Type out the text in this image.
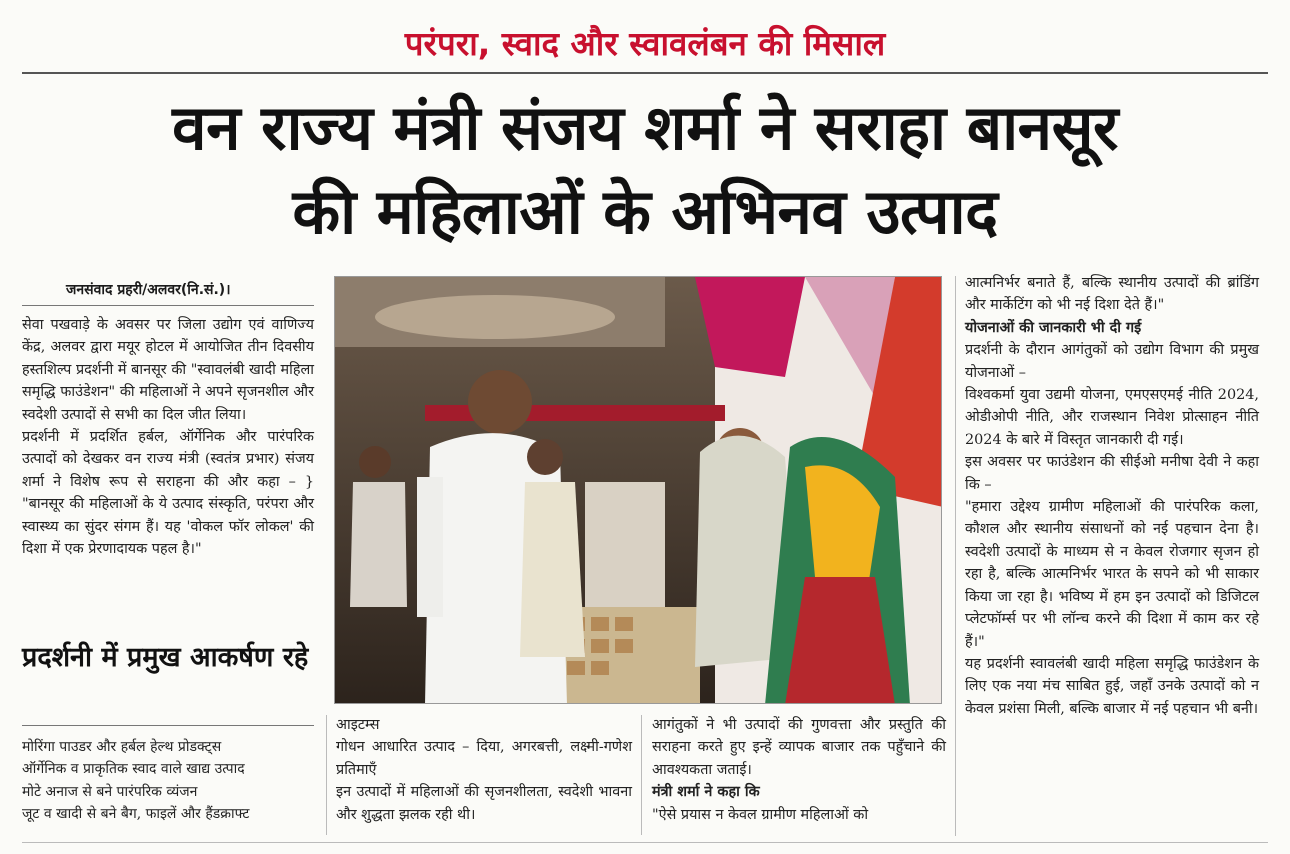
परंपरा, स्वाद और स्वावलंबन की मिसाल
वन राज्य मंत्री संजय शर्मा ने सराहा बानसूर
की महिलाओं के अभिनव उत्पाद
जनसंवाद प्रहरी/अलवर(नि.सं.)।

सेवा पखवाड़े के अवसर पर जिला उद्योग एवं वाणिज्य केंद्र, अलवर द्वारा मयूर होटल में आयोजित तीन दिवसीय हस्तशिल्प प्रदर्शनी में बानसूर की "स्वावलंबी खादी महिला समृद्धि फाउंडेशन" की महिलाओं ने अपने सृजनशील और स्वदेशी उत्पादों से सभी का दिल जीत लिया।

प्रदर्शनी में प्रदर्शित हर्बल, ऑर्गेनिक और पारंपरिक उत्पादों को देखकर वन राज्य मंत्री (स्वतंत्र प्रभार) संजय शर्मा ने विशेष रूप से सराहना की और कहा – } "बानसूर की महिलाओं के ये उत्पाद संस्कृति, परंपरा और स्वास्थ्य का सुंदर संगम हैं। यह 'वोकल फॉर लोकल' की दिशा में एक प्रेरणादायक पहल है।"

प्रदर्शनी में प्रमुख आकर्षण रहे
मोरिंगा पाउडर और हर्बल हेल्थ प्रोडक्ट्स
ऑर्गेनिक व प्राकृतिक स्वाद वाले खाद्य उत्पाद
मोटे अनाज से बने पारंपरिक व्यंजन
जूट व खादी से बने बैग, फाइलें और हैंडक्राफ्ट

आइटम्स

गोधन आधारित उत्पाद – दिया, अगरबत्ती, लक्ष्मी-गणेश प्रतिमाएँ

इन उत्पादों में महिलाओं की सृजनशीलता, स्वदेशी भावना और शुद्धता झलक रही थी।

आगंतुकों ने भी उत्पादों की गुणवत्ता और प्रस्तुति की सराहना करते हुए इन्हें व्यापक बाजार तक पहुँचाने की आवश्यकता जताई।

मंत्री शर्मा ने कहा कि

"ऐसे प्रयास न केवल ग्रामीण महिलाओं को

आत्मनिर्भर बनाते हैं, बल्कि स्थानीय उत्पादों की ब्रांडिंग और मार्केटिंग को भी नई दिशा देते हैं।"

योजनाओं की जानकारी भी दी गई

प्रदर्शनी के दौरान आगंतुकों को उद्योग विभाग की प्रमुख योजनाओं –

विश्वकर्मा युवा उद्यमी योजना, एमएसएमई नीति 2024, ओडीओपी नीति, और राजस्थान निवेश प्रोत्साहन नीति 2024 के बारे में विस्तृत जानकारी दी गई।

इस अवसर पर फाउंडेशन की सीईओ मनीषा देवी ने कहा कि –

"हमारा उद्देश्य ग्रामीण महिलाओं की पारंपरिक कला, कौशल और स्थानीय संसाधनों को नई पहचान देना है। स्वदेशी उत्पादों के माध्यम से न केवल रोजगार सृजन हो रहा है, बल्कि आत्मनिर्भर भारत के सपने को भी साकार किया जा रहा है। भविष्य में हम इन उत्पादों को डिजिटल प्लेटफॉर्म्स पर भी लॉन्च करने की दिशा में काम कर रहे हैं।"

यह प्रदर्शनी स्वावलंबी खादी महिला समृद्धि फाउंडेशन के लिए एक नया मंच साबित हुई, जहाँ उनके उत्पादों को न केवल प्रशंसा मिली, बल्कि बाजार में नई पहचान भी बनी।
